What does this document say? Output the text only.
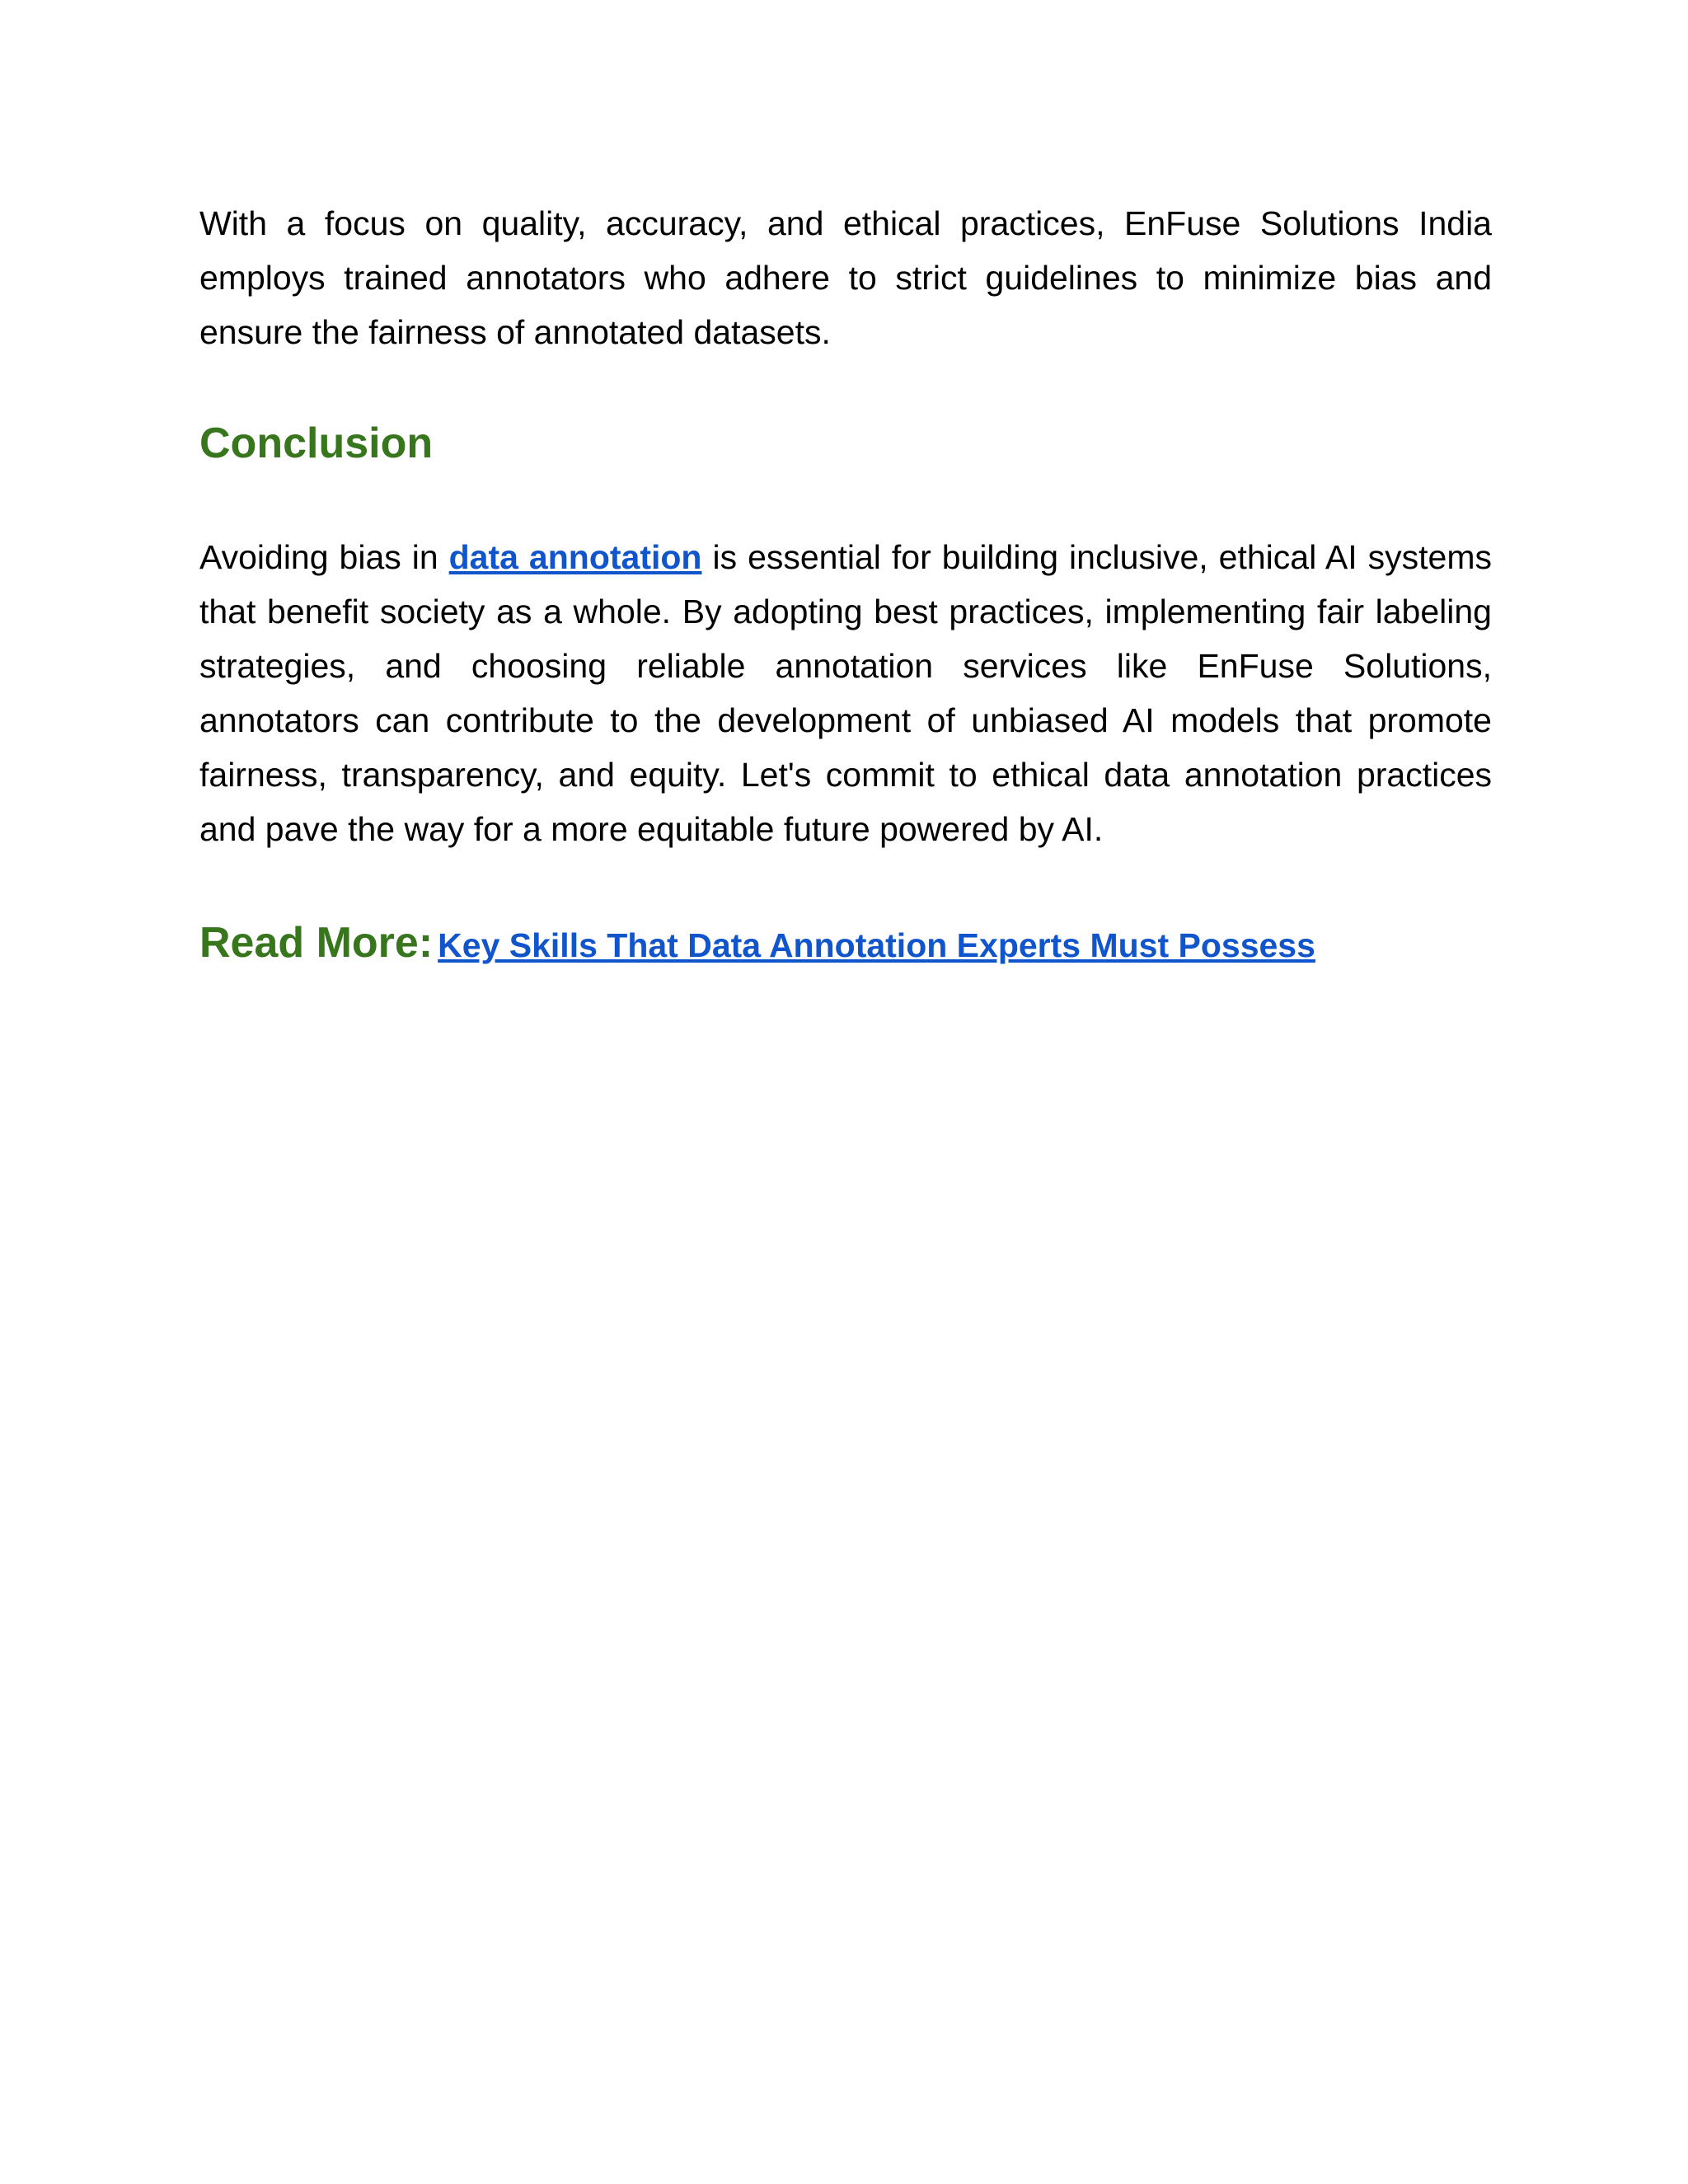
With a focus on quality, accuracy, and ethical practices, EnFuse Solutions India employs trained annotators who adhere to strict guidelines to minimize bias and ensure the fairness of annotated datasets.

Conclusion

Avoiding bias in data annotation is essential for building inclusive, ethical AI systems that benefit society as a whole. By adopting best practices, implementing fair labeling strategies, and choosing reliable annotation services like EnFuse Solutions, annotators can contribute to the development of unbiased AI models that promote fairness, transparency, and equity. Let's commit to ethical data annotation practices and pave the way for a more equitable future powered by AI.

Read More: Key Skills That Data Annotation Experts Must Possess
